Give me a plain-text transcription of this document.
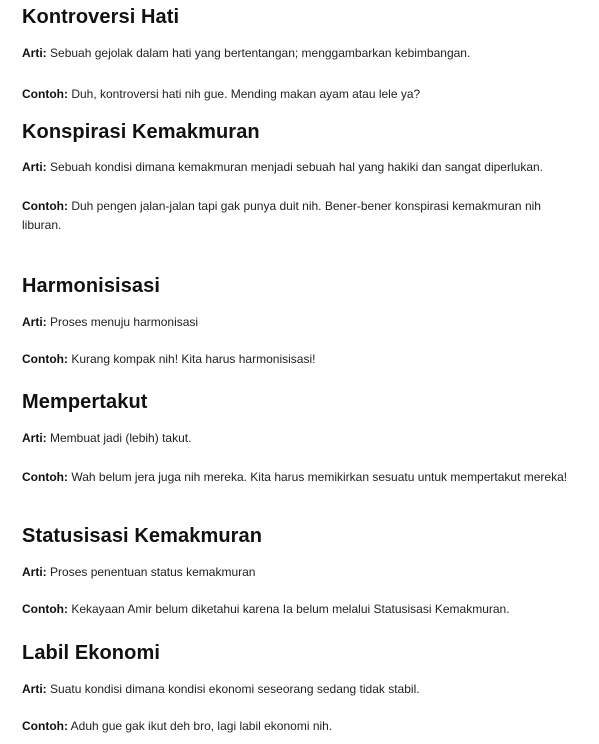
Kontroversi Hati

Arti: Sebuah gejolak dalam hati yang bertentangan; menggambarkan kebimbangan.

Contoh: Duh, kontroversi hati nih gue. Mending makan ayam atau lele ya?

Konspirasi Kemakmuran

Arti: Sebuah kondisi dimana kemakmuran menjadi sebuah hal yang hakiki dan sangat diperlukan.

Contoh: Duh pengen jalan-jalan tapi gak punya duit nih. Bener-bener konspirasi kemakmuran nih liburan.

Harmonisisasi

Arti: Proses menuju harmonisasi

Contoh: Kurang kompak nih! Kita harus harmonisisasi!

Mempertakut

Arti: Membuat jadi (lebih) takut.

Contoh: Wah belum jera juga nih mereka. Kita harus memikirkan sesuatu untuk mempertakut mereka!

Statusisasi Kemakmuran

Arti: Proses penentuan status kemakmuran

Contoh: Kekayaan Amir belum diketahui karena Ia belum melalui Statusisasi Kemakmuran.

Labil Ekonomi

Arti: Suatu kondisi dimana kondisi ekonomi seseorang sedang tidak stabil.

Contoh: Aduh gue gak ikut deh bro, lagi labil ekonomi nih.
